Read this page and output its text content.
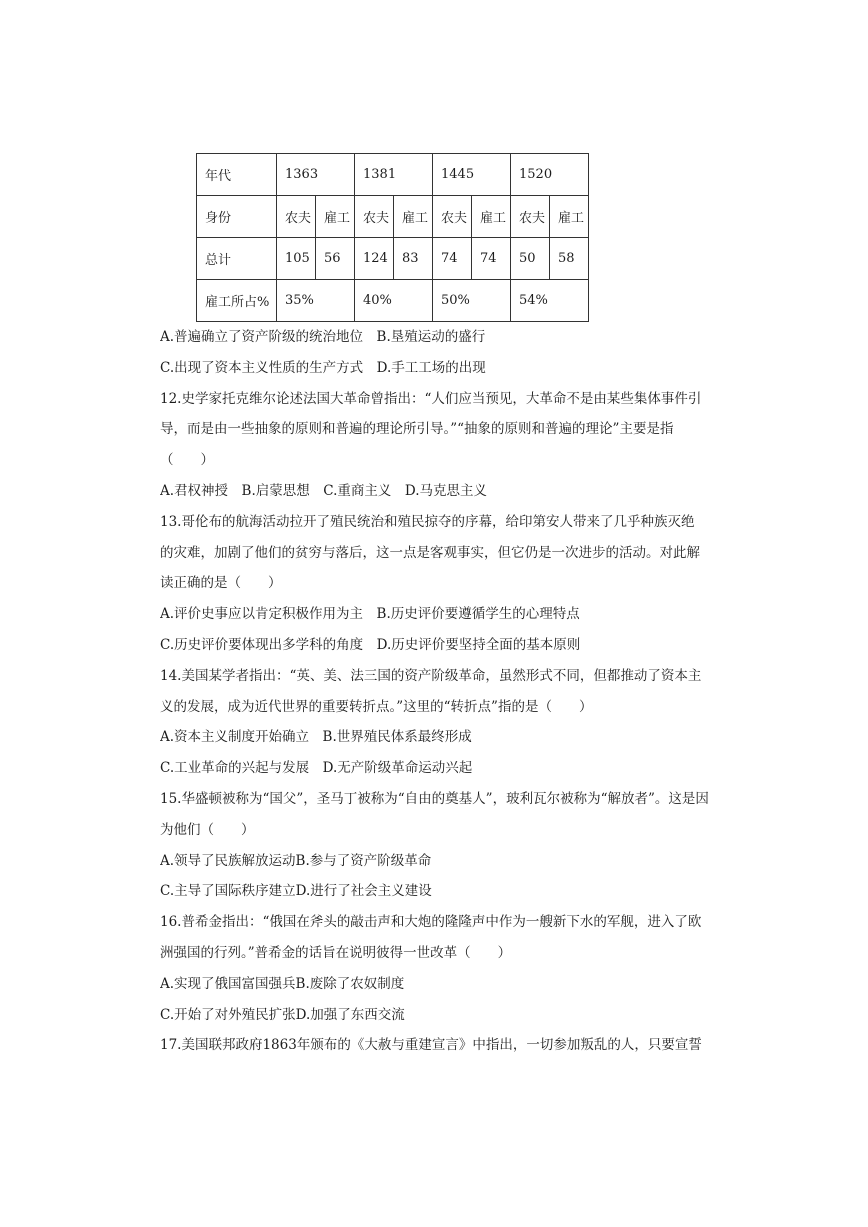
年代	1363		1381		1445		1520	
身份	农夫	雇工	农夫	雇工	农夫	雇工	农夫	雇工
总计	105	56	124	83	74	74	50	58
雇工所占%	35%		40%		50%		54%	
A.普遍确立了资产阶级的统治地位　B.垦殖运动的盛行
C.出现了资本主义性质的生产方式　D.手工工场的出现
12.史学家托克维尔论述法国大革命曾指出：“人们应当预见，大革命不是由某些集体事件引
导，而是由一些抽象的原则和普遍的理论所引导。”“抽象的原则和普遍的理论”主要是指
（　　）
A.君权神授　B.启蒙思想　C.重商主义　D.马克思主义
13.哥伦布的航海活动拉开了殖民统治和殖民掠夺的序幕，给印第安人带来了几乎种族灭绝
的灾难，加剧了他们的贫穷与落后，这一点是客观事实，但它仍是一次进步的活动。对此解
读正确的是（　　）
A.评价史事应以肯定积极作用为主　B.历史评价要遵循学生的心理特点
C.历史评价要体现出多学科的角度　D.历史评价要坚持全面的基本原则
14.美国某学者指出：“英、美、法三国的资产阶级革命，虽然形式不同，但都推动了资本主
义的发展，成为近代世界的重要转折点。”这里的“转折点”指的是（　　）
A.资本主义制度开始确立　B.世界殖民体系最终形成
C.工业革命的兴起与发展　D.无产阶级革命运动兴起
15.华盛顿被称为“国父”，圣马丁被称为“自由的奠基人”，玻利瓦尔被称为“解放者”。这是因
为他们（　　）
A.领导了民族解放运动B.参与了资产阶级革命
C.主导了国际秩序建立D.进行了社会主义建设
16.普希金指出：“俄国在斧头的敲击声和大炮的隆隆声中作为一艘新下水的军舰，进入了欧
洲强国的行列。”普希金的话旨在说明彼得一世改革（　　）
A.实现了俄国富国强兵B.废除了农奴制度
C.开始了对外殖民扩张D.加强了东西交流
17.美国联邦政府1863年颁布的《大赦与重建宣言》中指出，一切参加叛乱的人，只要宣誓
